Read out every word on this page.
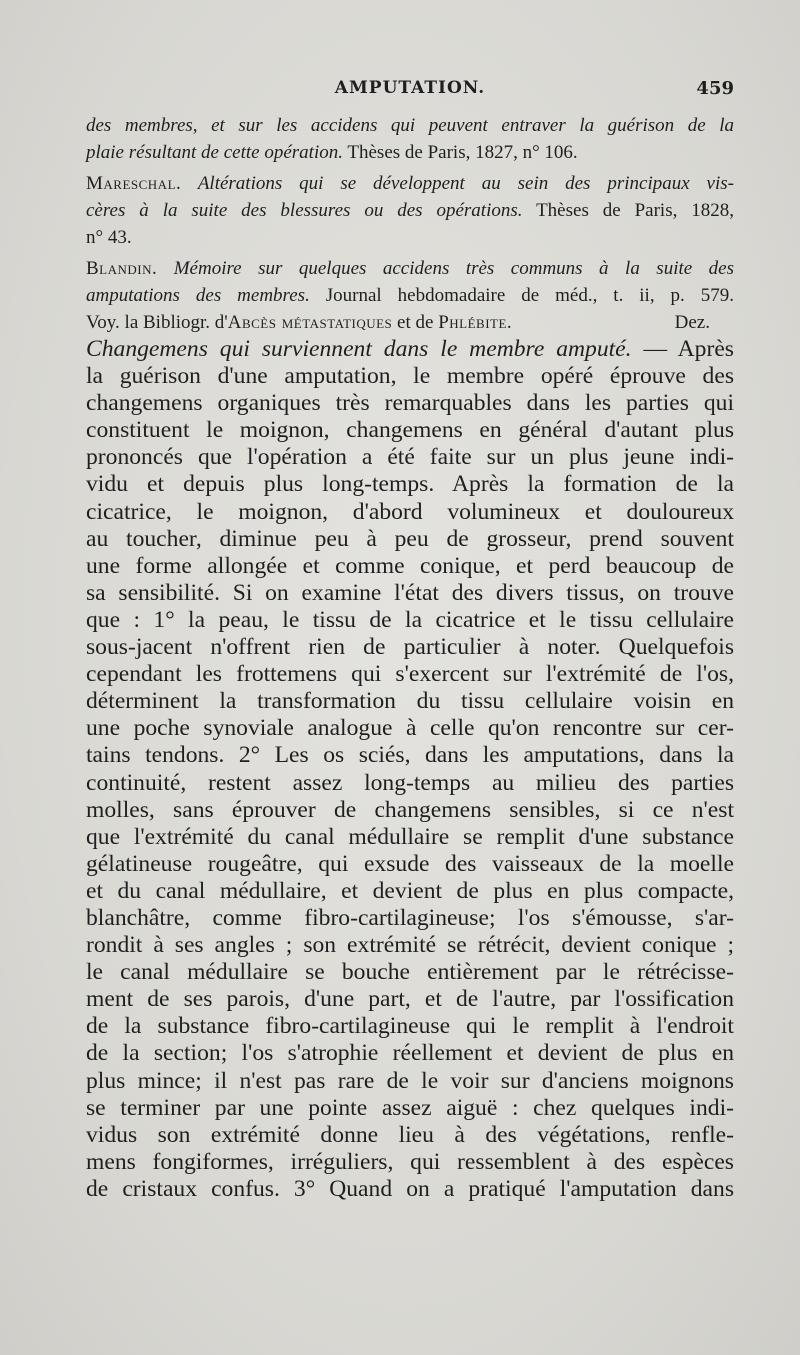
AMPUTATION.	459
des membres, et sur les accidens qui peuvent entraver la guérison de la
plaie résultant de cette opération. Thèses de Paris, 1827, n° 106.
Mareschal. Altérations qui se développent au sein des principaux vis-
cères à la suite des blessures ou des opérations. Thèses de Paris, 1828,
n° 43.
Blandin. Mémoire sur quelques accidens très communs à la suite des
amputations des membres. Journal hebdomadaire de méd., t. ii, p. 579.
Voy. la Bibliogr. d'Abcès métastatiques et de Phlébite.	Dez.
Changemens qui surviennent dans le membre amputé. — Après
la guérison d'une amputation, le membre opéré éprouve des
changemens organiques très remarquables dans les parties qui
constituent le moignon, changemens en général d'autant plus
prononcés que l'opération a été faite sur un plus jeune indi-
vidu et depuis plus long-temps. Après la formation de la
cicatrice, le moignon, d'abord volumineux et douloureux
au toucher, diminue peu à peu de grosseur, prend souvent
une forme allongée et comme conique, et perd beaucoup de
sa sensibilité. Si on examine l'état des divers tissus, on trouve
que : 1° la peau, le tissu de la cicatrice et le tissu cellulaire
sous-jacent n'offrent rien de particulier à noter. Quelquefois
cependant les frottemens qui s'exercent sur l'extrémité de l'os,
déterminent la transformation du tissu cellulaire voisin en
une poche synoviale analogue à celle qu'on rencontre sur cer-
tains tendons. 2° Les os sciés, dans les amputations, dans la
continuité, restent assez long-temps au milieu des parties
molles, sans éprouver de changemens sensibles, si ce n'est
que l'extrémité du canal médullaire se remplit d'une substance
gélatineuse rougeâtre, qui exsude des vaisseaux de la moelle
et du canal médullaire, et devient de plus en plus compacte,
blanchâtre, comme fibro-cartilagineuse; l'os s'émousse, s'ar-
rondit à ses angles ; son extrémité se rétrécit, devient conique ;
le canal médullaire se bouche entièrement par le rétrécisse-
ment de ses parois, d'une part, et de l'autre, par l'ossification
de la substance fibro-cartilagineuse qui le remplit à l'endroit
de la section; l'os s'atrophie réellement et devient de plus en
plus mince; il n'est pas rare de le voir sur d'anciens moignons
se terminer par une pointe assez aiguë : chez quelques indi-
vidus son extrémité donne lieu à des végétations, renfle-
mens fongiformes, irréguliers, qui ressemblent à des espèces
de cristaux confus. 3° Quand on a pratiqué l'amputation dans
